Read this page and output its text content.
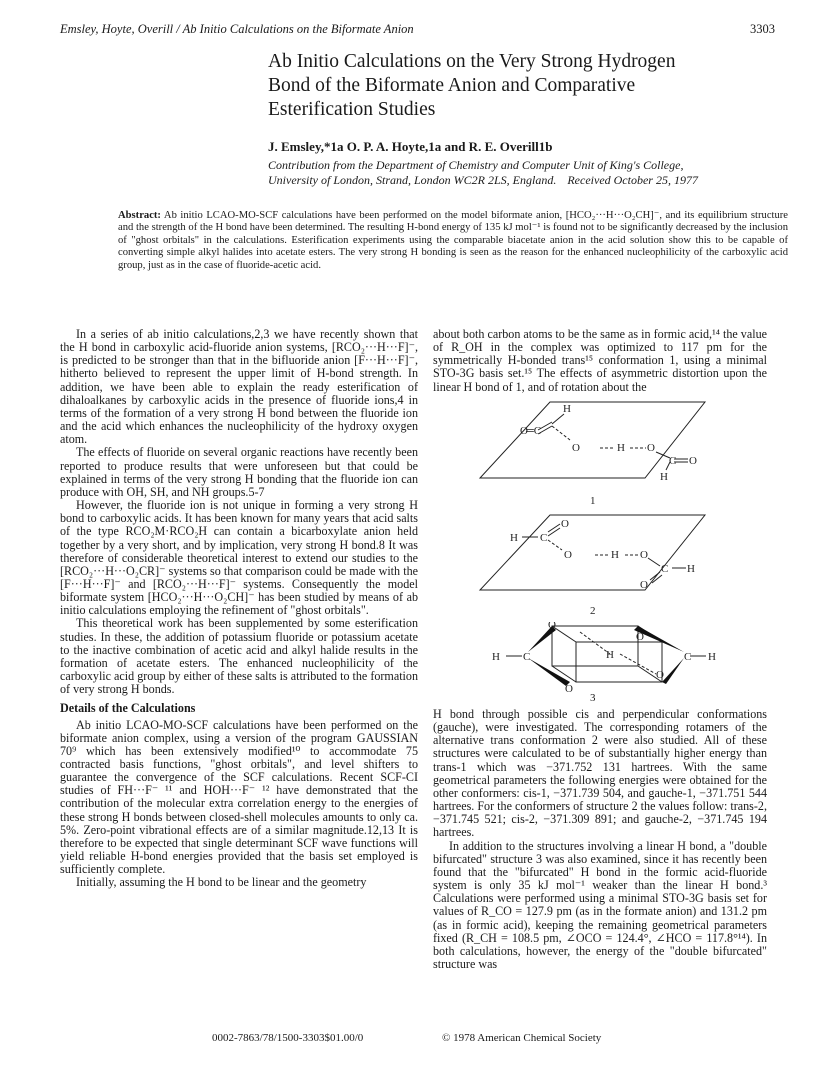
Emsley, Hoyte, Overill / Ab Initio Calculations on the Biformate Anion	3303
Ab Initio Calculations on the Very Strong Hydrogen
Bond of the Biformate Anion and Comparative
Esterification Studies
J. Emsley,*1a O. P. A. Hoyte,1a and R. E. Overill1b
Contribution from the Department of Chemistry and Computer Unit of King's College,
University of London, Strand, London WC2R 2LS, England. Received October 25, 1977
Abstract: Ab initio LCAO-MO-SCF calculations have been performed on the model biformate anion, [HCO₂···H···O₂CH]⁻, and its equilibrium structure and the strength of the H bond have been determined. The resulting H-bond energy of 135 kJ mol⁻¹ is found not to be significantly decreased by the inclusion of "ghost orbitals" in the calculations. Esterification experiments using the comparable biacetate anion in the acid solution show this to be capable of converting simple alkyl halides into acetate esters. The very strong H bonding is seen as the reason for the enhanced nucleophilicity of the carboxylic acid group, just as in the case of fluoride-acetic acid.

In a series of ab initio calculations,2,3 we have recently shown that the H bond in carboxylic acid-fluoride anion systems, [RCO₂···H···F]⁻, is predicted to be stronger than that in the bifluoride anion [F···H···F]⁻, hitherto believed to represent the upper limit of H-bond strength. In addition, we have been able to explain the ready esterification of dihaloalkanes by carboxylic acids in the presence of fluoride ions,4 in terms of the formation of a very strong H bond between the fluoride ion and the acid which enhances the nucleophilicity of the hydroxy oxygen atom.

The effects of fluoride on several organic reactions have recently been reported to produce results that were unforeseen but that could be explained in terms of the very strong H bonding that the fluoride ion can produce with OH, SH, and NH groups.5-7

However, the fluoride ion is not unique in forming a very strong H bond to carboxylic acids. It has been known for many years that acid salts of the type RCO₂M·RCO₂H can contain a bicarboxylate anion held together by a very short, and by implication, very strong H bond.8 It was therefore of considerable theoretical interest to extend our studies to the [RCO₂···H···O₂CR]⁻ systems so that comparison could be made with the [F···H···F]⁻ and [RCO₂···H···F]⁻ systems. Consequently the model biformate system [HCO₂···H···O₂CH]⁻ has been studied by means of ab initio calculations employing the refinement of "ghost orbitals".

This theoretical work has been supplemented by some esterification studies. In these, the addition of potassium fluoride or potassium acetate to the inactive combination of acetic acid and alkyl halide results in the formation of acetate esters. The enhanced nucleophilicity of the carboxylic acid group by either of these salts is attributed to the formation of very strong H bonds.

Details of the Calculations

Ab initio LCAO-MO-SCF calculations have been performed on the biformate anion complex, using a version of the program GAUSSIAN 70⁹ which has been extensively modified¹⁰ to accommodate 75 contracted basis functions, "ghost orbitals", and level shifters to guarantee the convergence of the SCF calculations. Recent SCF-CI studies of FH···F⁻ ¹¹ and HOH···F⁻ ¹² have demonstrated that the contribution of the molecular extra correlation energy to the energies of these strong H bonds between closed-shell molecules amounts to only ca. 5%. Zero-point vibrational effects are of a similar magnitude.12,13 It is therefore to be expected that single determinant SCF wave functions will yield reliable H-bond energies provided that the basis set employed is sufficiently complete.

Initially, assuming the H bond to be linear and the geometry

about both carbon atoms to be the same as in formic acid,¹⁴ the value of R_OH in the complex was optimized to 117 pm for the symmetrically H-bonded trans¹⁵ conformation 1, using a minimal STO-3G basis set.¹⁵ The effects of asymmetric distortion upon the linear H bond of 1, and of rotation about the

H
O
═C
O	H O
C O
H
1
H C
O
O	H O
C H
O
2
H C	C H
O
O
H
O
O
3

H bond through possible cis and perpendicular conformations (gauche), were investigated. The corresponding rotamers of the alternative trans conformation 2 were also studied. All of these structures were calculated to be of substantially higher energy than trans-1 which was −371.752 131 hartrees. With the same geometrical parameters the following energies were obtained for the other conformers: cis-1, −371.739 504, and gauche-1, −371.751 544 hartrees. For the conformers of structure 2 the values follow: trans-2, −371.745 521; cis-2, −371.309 891; and gauche-2, −371.745 194 hartrees.

In addition to the structures involving a linear H bond, a "double bifurcated" structure 3 was also examined, since it has recently been found that the "bifurcated" H bond in the formic acid-fluoride system is only 35 kJ mol⁻¹ weaker than the linear H bond.³ Calculations were performed using a minimal STO-3G basis set for values of R_CO = 127.9 pm (as in the formate anion) and 131.2 pm (as in formic acid), keeping the remaining geometrical parameters fixed (R_CH = 108.5 pm, ∠OCO = 124.4°, ∠HCO = 117.8°¹⁴). In both calculations, however, the energy of the "double bifurcated" structure was

0002-7863/78/1500-3303$01.00/0	© 1978 American Chemical Society
